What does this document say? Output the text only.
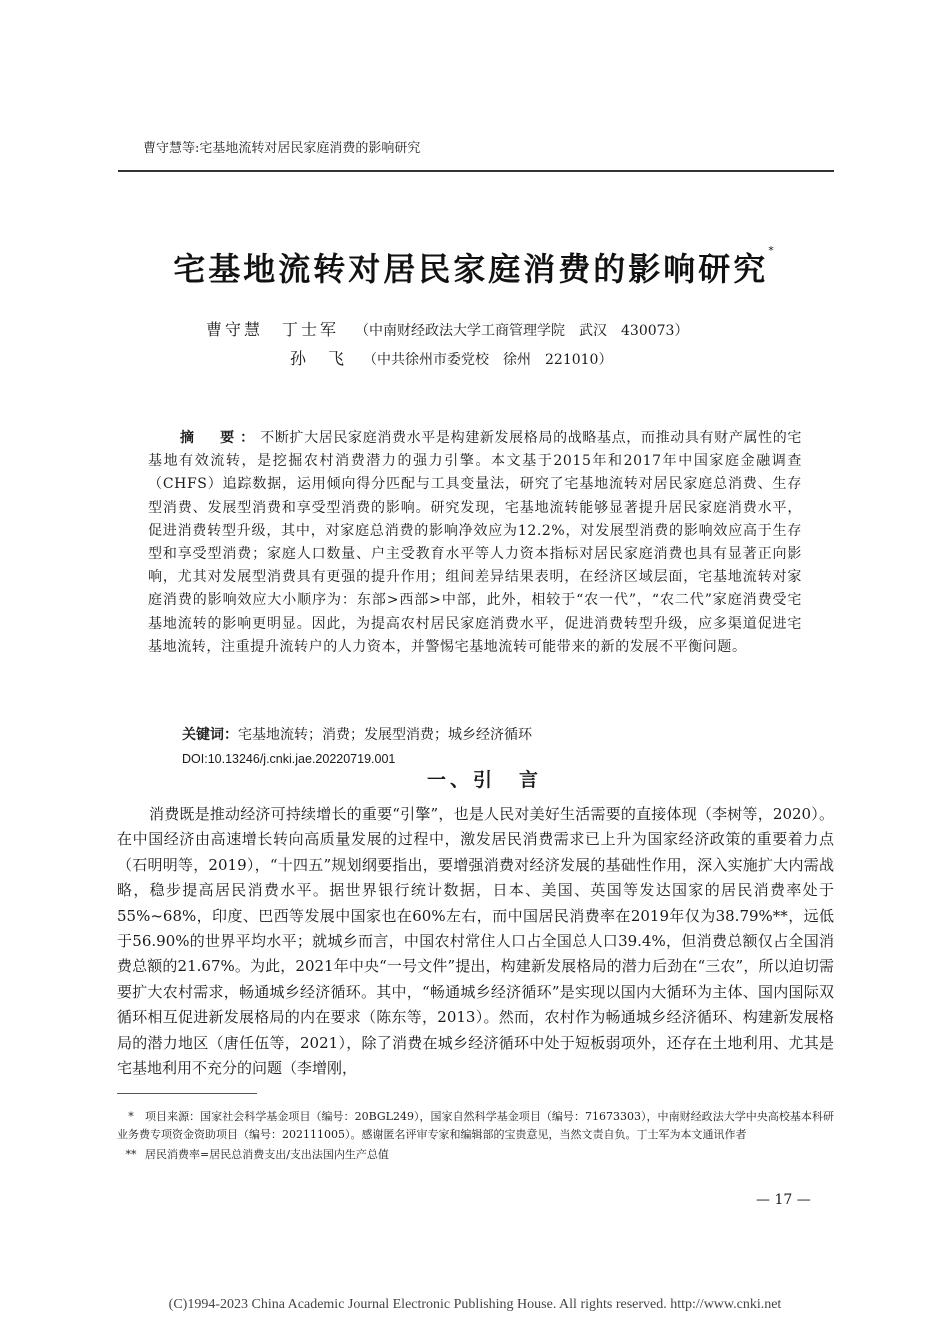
曹守慧等:宅基地流转对居民家庭消费的影响研究
宅基地流转对居民家庭消费的影响研究*
曹守慧　丁士军 （中南财经政法大学工商管理学院　武汉　430073）
孙　飞 （中共徐州市委党校　徐州　221010）
摘　要：不断扩大居民家庭消费水平是构建新发展格局的战略基点，而推动具有财产属性的宅基地有效流转，是挖掘农村消费潜力的强力引擎。本文基于2015年和2017年中国家庭金融调查（CHFS）追踪数据，运用倾向得分匹配与工具变量法，研究了宅基地流转对居民家庭总消费、生存型消费、发展型消费和享受型消费的影响。研究发现，宅基地流转能够显著提升居民家庭消费水平，促进消费转型升级，其中，对家庭总消费的影响净效应为12.2%，对发展型消费的影响效应高于生存型和享受型消费；家庭人口数量、户主受教育水平等人力资本指标对居民家庭消费也具有显著正向影响，尤其对发展型消费具有更强的提升作用；组间差异结果表明，在经济区域层面，宅基地流转对家庭消费的影响效应大小顺序为：东部>西部>中部，此外，相较于“农一代”，“农二代”家庭消费受宅基地流转的影响更明显。因此，为提高农村居民家庭消费水平，促进消费转型升级，应多渠道促进宅基地流转，注重提升流转户的人力资本，并警惕宅基地流转可能带来的新的发展不平衡问题。
关键词：宅基地流转；消费；发展型消费；城乡经济循环
DOI:10.13246/j.cnki.jae.20220719.001
一、引　言

消费既是推动经济可持续增长的重要“引擎”，也是人民对美好生活需要的直接体现（李树等，2020）。在中国经济由高速增长转向高质量发展的过程中，激发居民消费需求已上升为国家经济政策的重要着力点（石明明等，2019），“十四五”规划纲要指出，要增强消费对经济发展的基础性作用，深入实施扩大内需战略，稳步提高居民消费水平。据世界银行统计数据，日本、美国、英国等发达国家的居民消费率处于55%~68%，印度、巴西等发展中国家也在60%左右，而中国居民消费率在2019年仅为38.79%**，远低于56.90%的世界平均水平；就城乡而言，中国农村常住人口占全国总人口39.4%，但消费总额仅占全国消费总额的21.67%。为此，2021年中央“一号文件”提出，构建新发展格局的潜力后劲在“三农”，所以迫切需要扩大农村需求，畅通城乡经济循环。其中，“畅通城乡经济循环”是实现以国内大循环为主体、国内国际双循环相互促进新发展格局的内在要求（陈东等，2013）。然而，农村作为畅通城乡经济循环、构建新发展格局的潜力地区（唐任伍等，2021），除了消费在城乡经济循环中处于短板弱项外，还存在土地利用、尤其是宅基地利用不充分的问题（李增刚，

* 项目来源：国家社会科学基金项目（编号：20BGL249），国家自然科学基金项目（编号：71673303），中南财经政法大学中央高校基本科研业务费专项资金资助项目（编号：202111005）。感谢匿名评审专家和编辑部的宝贵意见，当然文责自负。丁士军为本文通讯作者

** 居民消费率=居民总消费支出/支出法国内生产总值

— 17 —
(C)1994-2023 China Academic Journal Electronic Publishing House. All rights reserved. http://www.cnki.net
